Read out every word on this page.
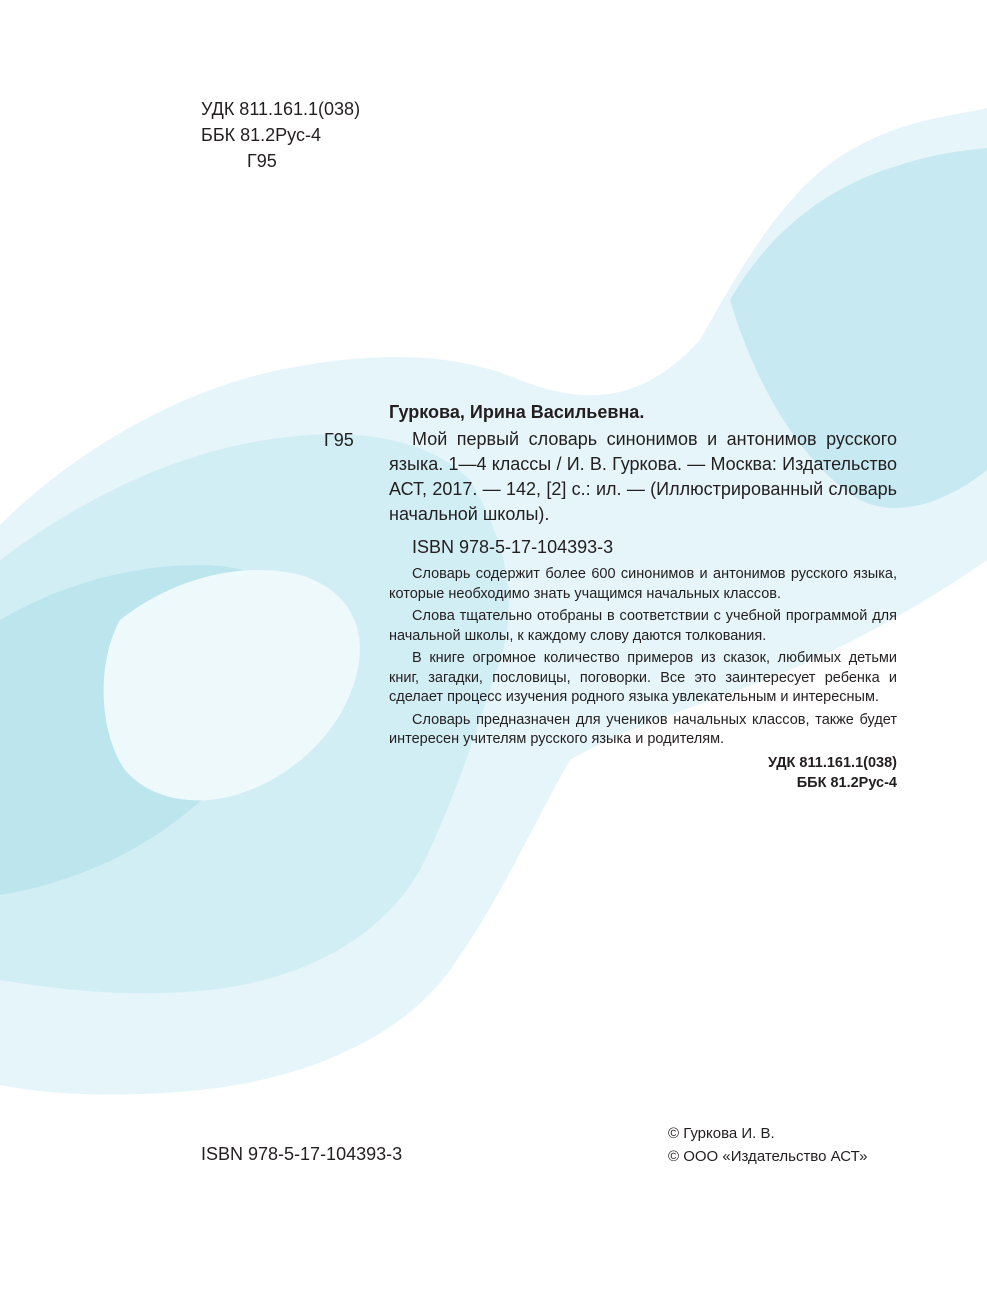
УДК 811.161.1(038)
ББК 81.2Рус-4
Г95
Г95
Гуркова, Ирина Васильевна.

Мой первый словарь синонимов и антонимов русского языка. 1—4 классы / И. В. Гуркова. — Москва: Издательство АСТ, 2017. — 142, [2] с.: ил. — (Иллюстрированный словарь начальной школы).

ISBN 978-5-17-104393-3

Словарь содержит более 600 синонимов и антонимов русского языка, которые необходимо знать учащимся начальных классов.

Слова тщательно отобраны в соответствии с учебной программой для начальной школы, к каждому слову даются толкования.

В книге огромное количество примеров из сказок, любимых детьми книг, загадки, пословицы, поговорки. Все это заинтересует ребенка и сделает процесс изучения родного языка увлекательным и интересным.

Словарь предназначен для учеников начальных классов, также будет интересен учителям русского языка и родителям.

УДК 811.161.1(038)
ББК 81.2Рус-4
ISBN 978-5-17-104393-3
© Гуркова И. В.
© ООО «Издательство АСТ»
